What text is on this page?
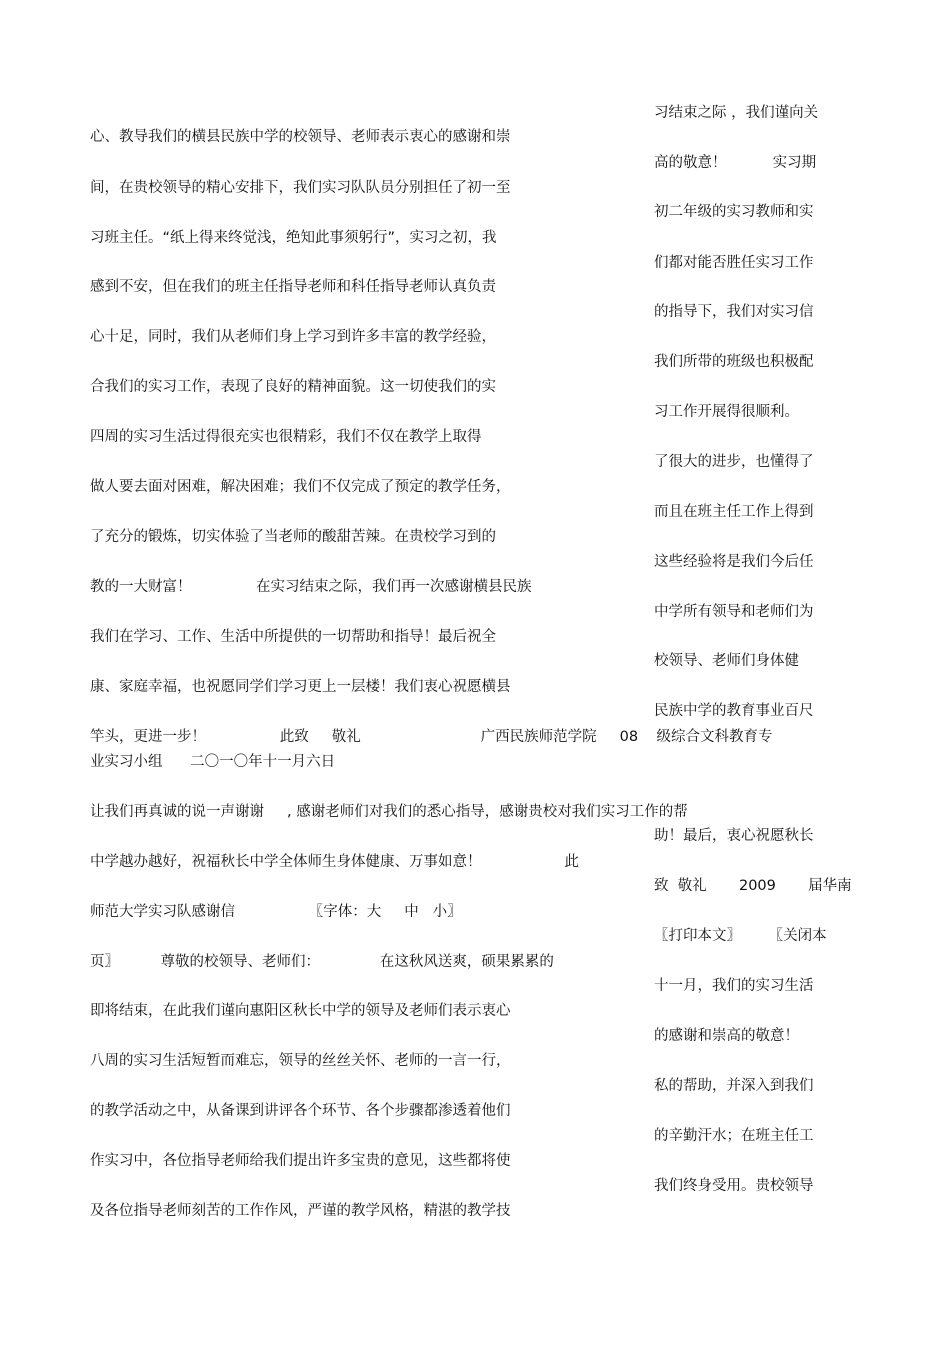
心、教导我们的横县民族中学的校领导、老师表示衷心的感谢和崇
间，在贵校领导的精心安排下，我们实习队队员分别担任了初一至
习班主任。“纸上得来终觉浅，绝知此事须躬行”，实习之初，我
感到不安，但在我们的班主任指导老师和科任指导老师认真负责
心十足，同时，我们从老师们身上学习到许多丰富的教学经验，
合我们的实习工作，表现了良好的精神面貌。这一切使我们的实
四周的实习生活过得很充实也很精彩，我们不仅在教学上取得
做人要去面对困难，解决困难；我们不仅完成了预定的教学任务，
了充分的锻炼，切实体验了当老师的酸甜苦辣。在贵校学习到的
教的一大财富！              在实习结束之际，我们再一次感谢横县民族
我们在学习、工作、生活中所提供的一切帮助和指导！最后祝全
康、家庭幸福，也祝愿同学们学习更上一层楼！我们衷心祝愿横县
竿头，更进一步！                此致     敬礼                          广西民族师范学院     08    级综合文科教育专
业实习小组      二〇一〇年十一月六日
让我们再真诚的说一声谢谢     , 感谢老师们对我们的悉心指导，感谢贵校对我们实习工作的帮
中学越办越好，祝福秋长中学全体师生身体健康、万事如意！                  此
师范大学实习队感谢信                〖字体：大     中   小〗
页〗         尊敬的校领导、老师们：             在这秋风送爽，硕果累累的
即将结束，在此我们谨向惠阳区秋长中学的领导及老师们表示衷心
八周的实习生活短暂而难忘，领导的丝丝关怀、老师的一言一行，
的教学活动之中，从备课到讲评各个环节、各个步骤都渗透着他们
作实习中，各位指导老师给我们提出许多宝贵的意见，这些都将使
及各位指导老师刻苦的工作作风，严谨的教学风格，精湛的教学技
习结束之际 ，我们谨向关
高的敬意！          实习期
初二年级的实习教师和实
们都对能否胜任实习工作
的指导下，我们对实习信
我们所带的班级也积极配
习工作开展得很顺利。
了很大的进步，也懂得了
而且在班主任工作上得到
这些经验将是我们今后任
中学所有领导和老师们为
校领导、老师们身体健
民族中学的教育事业百尺
助！最后，衷心祝愿秋长
致  敬礼       2009       届华南
〖打印本文〗      〖关闭本
十一月，我们的实习生活
的感谢和崇高的敬意！
私的帮助，并深入到我们
的辛勤汗水；在班主任工
我们终身受用。贵校领导
